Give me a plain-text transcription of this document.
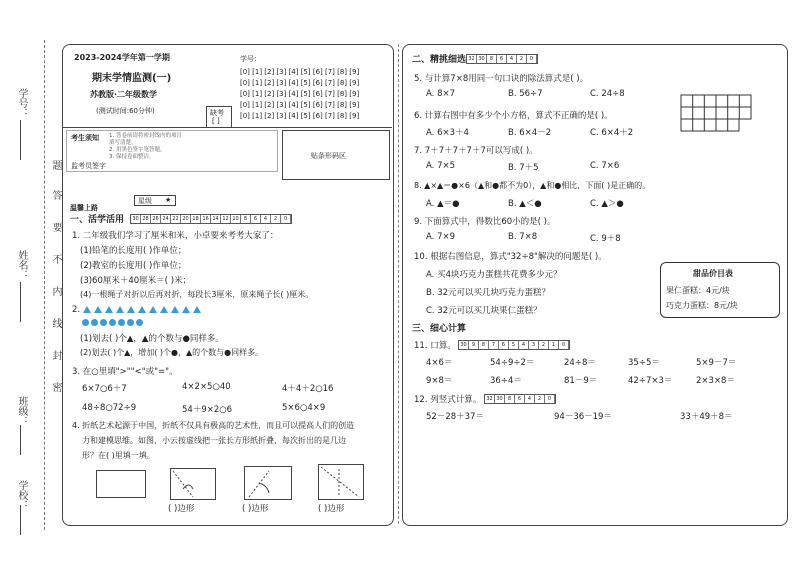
学号：
姓名：
班级：
学校：
题
答
要
不
内
线
封
密
2023-2024学年第一学期
期末学情监测(一)
苏教版·二年级数学
(测试时间:60分钟)	缺考
[ ]
学号：
[0] [1] [2] [3] [4] [5] [6] [7] [8] [9]
[0] [1] [2] [3] [4] [5] [6] [7] [8] [9]
[0] [1] [2] [3] [4] [5] [6] [7] [8] [9]
[0] [1] [2] [3] [4] [5] [6] [7] [8] [9]
[0] [1] [2] [3] [4] [5] [6] [7] [8] [9]
考生须知 1. 答卷前请将密封线内的项目
填写清楚。
2. 用黑色签字笔答题，
3. 保持卷面整洁。
监考员签字
贴条形码区
温馨上路
星级 ★
一、活学活用 30 28 26 24 22 20 18 16 14 12 10	8	6	4	2	0
1. 二年级我们学习了厘米和米，小卓要来考考大家了：
(1)铅笔的长度用( )作单位；
(2)教室的长度用( )作单位；
(3)60厘米＋40厘米＝( )米；
(4)一根绳子对折以后再对折，每段长3厘米，原来绳子长( )厘米。
2.
(1)划去( )个▲，▲的个数与●同样多。
(2)划去( )个▲，增加( )个●，▲的个数与●同样多。
3. 在○里填">""<"或"="。
6×7○6＋7	4×2×5○40	4＋4＋2○16
48÷8○72÷9	54＋9×2○6	5×6○4×9
4. 折纸艺术起源于中国，折纸不仅具有极高的艺术性，而且可以提高人们的创造
力和建模思维。如图，小云按虚线把一张长方形纸折叠，每次折出的是几边
形？在( )里填一填。
( )边形	( )边形	( )边形
二、精挑细选 32 30	8	6	4	2	0
5. 与计算7×8用同一句口诀的除法算式是( )。
A. 8×7	B. 56÷7	C. 24÷8
6. 计算右图中有多少个小方格，算式不正确的是( )。
A. 6×3＋4	B. 6×4－2	C. 6×4＋2
7. 7＋7＋7＋7＋7可以写成( )。
A. 7×5	B. 7＋5	C. 7×6
8. ▲×▲＝●×6（▲和●都不为0），▲和●相比，下面( )是正确的。
A. ▲＝●	B. ▲＜●	C. ▲＞●
9. 下面算式中，得数比60小的是( )。
A. 7×9	B. 7×8	C. 9＋8
10. 根据右图信息，算式"32÷8"解决的问题是( )。
A. 买4块巧克力蛋糕共花费多少元？
B. 32元可以买几块巧克力蛋糕？
C. 32元可以买几块果仁蛋糕？
甜品价目表
果仁蛋糕：4元/块
巧克力蛋糕：8元/块
三、细心计算
11. 口算。 30	9	8	7	6	5	4	3	2	1	0
4×6＝	54÷9÷2＝	24÷8＝	35÷5＝	5×9－7＝
9×8＝	36÷4＝	81－9＝	42÷7×3＝	2×3×8＝
12. 列竖式计算。 32 30	8	6	4	2	0
52－28＋37＝	94－36－19＝	33＋49＋8＝
